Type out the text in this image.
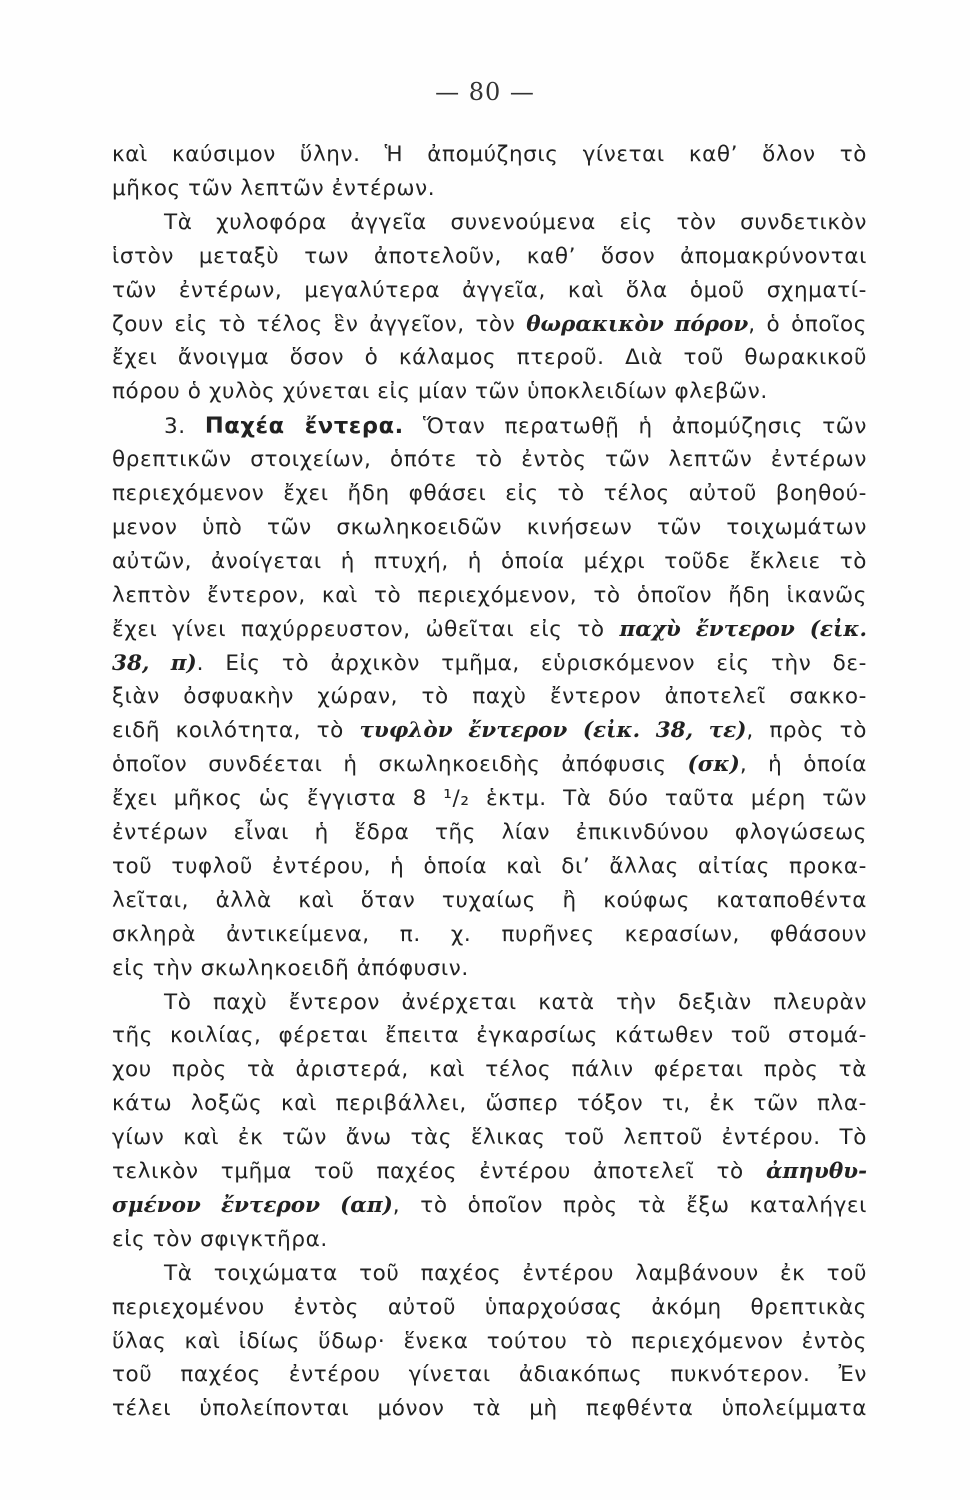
— 80 —
καὶ καύσιμον ὕλην. Ἡ ἀπομύζησις γίνεται καθ’ ὅλον τὸ
μῆκος τῶν λεπτῶν ἐντέρων.
Τὰ χυλοφόρα ἀγγεῖα συνενούμενα εἰς τὸν συνδετικὸν
ἱστὸν μεταξὺ των ἀποτελοῦν, καθ’ ὅσον ἀπομακρύνονται
τῶν ἐντέρων, μεγαλύτερα ἀγγεῖα, καὶ ὅλα ὁμοῦ σχηματί-
ζουν εἰς τὸ τέλος ἓν ἀγγεῖον, τὸν θωρακικὸν πόρον, ὁ ὁποῖος
ἔχει ἄνοιγμα ὅσον ὁ κάλαμος πτεροῦ. Διὰ τοῦ θωρακικοῦ
πόρου ὁ χυλὸς χύνεται εἰς μίαν τῶν ὑποκλειδίων φλεβῶν.
3. Παχέα ἔντερα. Ὅταν περατωθῇ ἡ ἀπομύζησις τῶν
θρεπτικῶν στοιχείων, ὁπότε τὸ ἐντὸς τῶν λεπτῶν ἐντέρων
περιεχόμενον ἔχει ἤδη φθάσει εἰς τὸ τέλος αὐτοῦ βοηθού-
μενον ὑπὸ τῶν σκωληκοειδῶν κινήσεων τῶν τοιχωμάτων
αὐτῶν, ἀνοίγεται ἡ πτυχή, ἡ ὁποία μέχρι τοῦδε ἔκλειε τὸ
λεπτὸν ἔντερον, καὶ τὸ περιεχόμενον, τὸ ὁποῖον ἤδη ἱκανῶς
ἔχει γίνει παχύρρευστον, ὠθεῖται εἰς τὸ παχὺ ἔντερον (εἰκ.
38, π). Εἰς τὸ ἀρχικὸν τμῆμα, εὑρισκόμενον εἰς τὴν δε-
ξιὰν ὀσφυακὴν χώραν, τὸ παχὺ ἔντερον ἀποτελεῖ σακκο-
ειδῆ κοιλότητα, τὸ τυφλὸν ἔντερον (εἰκ. 38, τε), πρὸς τὸ
ὁποῖον συνδέεται ἡ σκωληκοειδὴς ἀπόφυσις (σκ), ἡ ὁποία
ἔχει μῆκος ὡς ἔγγιστα 8 ¹/₂ ἑκτμ. Τὰ δύο ταῦτα μέρη τῶν
ἐντέρων εἶναι ἡ ἕδρα τῆς λίαν ἐπικινδύνου φλογώσεως
τοῦ τυφλοῦ ἐντέρου, ἡ ὁποία καὶ δι’ ἄλλας αἰτίας προκα-
λεῖται, ἀλλὰ καὶ ὅταν τυχαίως ἢ κούφως καταποθέντα
σκληρὰ ἀντικείμενα, π. χ. πυρῆνες κερασίων, φθάσουν
εἰς τὴν σκωληκοειδῆ ἀπόφυσιν.
Τὸ παχὺ ἔντερον ἀνέρχεται κατὰ τὴν δεξιὰν πλευρὰν
τῆς κοιλίας, φέρεται ἔπειτα ἐγκαρσίως κάτωθεν τοῦ στομά-
χου πρὸς τὰ ἀριστερά, καὶ τέλος πάλιν φέρεται πρὸς τὰ
κάτω λοξῶς καὶ περιβάλλει, ὥσπερ τόξον τι, ἐκ τῶν πλα-
γίων καὶ ἐκ τῶν ἄνω τὰς ἕλικας τοῦ λεπτοῦ ἐντέρου. Τὸ
τελικὸν τμῆμα τοῦ παχέος ἐντέρου ἀποτελεῖ τὸ ἀπηυθυ-
σμένον ἔντερον (απ), τὸ ὁποῖον πρὸς τὰ ἔξω καταλήγει
εἰς τὸν σφιγκτῆρα.
Τὰ τοιχώματα τοῦ παχέος ἐντέρου λαμβάνουν ἐκ τοῦ
περιεχομένου ἐντὸς αὐτοῦ ὑπαρχούσας ἀκόμη θρεπτικὰς
ὕλας καὶ ἰδίως ὕδωρ· ἕνεκα τούτου τὸ περιεχόμενον ἐντὸς
τοῦ παχέος ἐντέρου γίνεται ἀδιακόπως πυκνότερον. Ἐν
τέλει ὑπολείπονται μόνον τὰ μὴ πεφθέντα ὑπολείμματα
